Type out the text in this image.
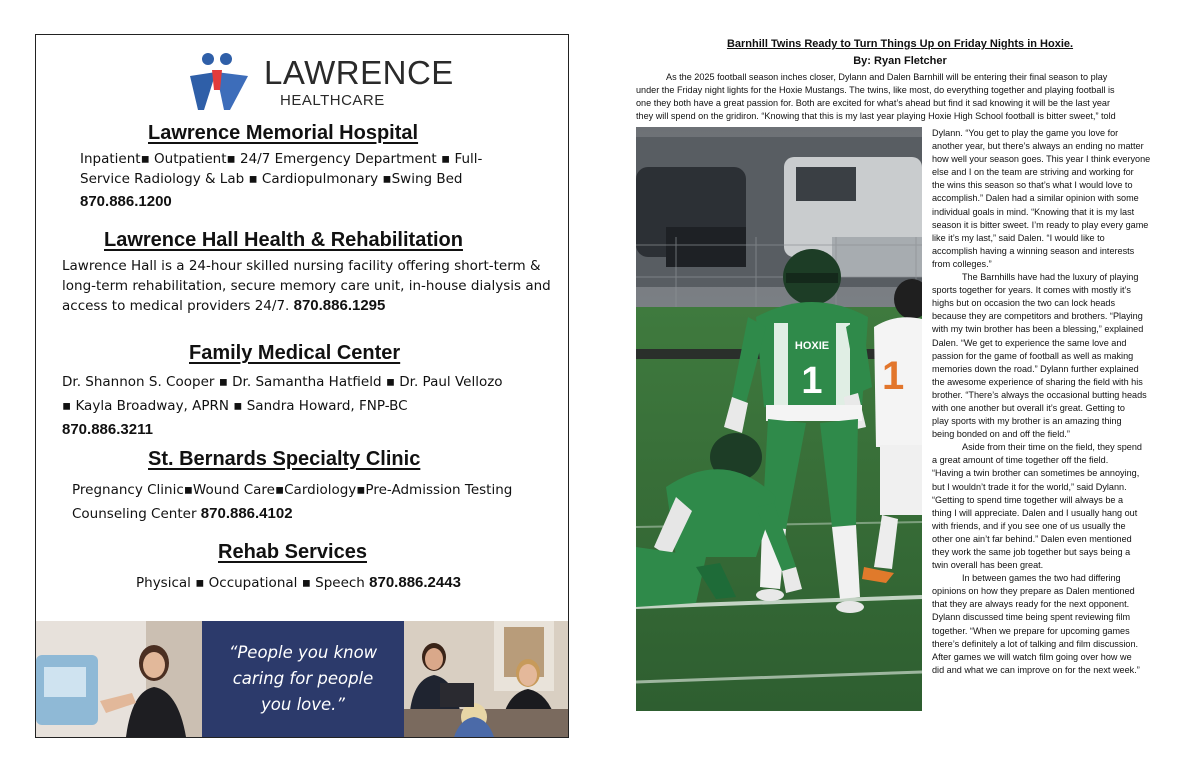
LAWRENCE
HEALTHCARE
Lawrence Memorial Hospital
Inpatient▪ Outpatient▪ 24/7 Emergency Department ▪ Full-
Service Radiology & Lab ▪ Cardiopulmonary ▪Swing Bed
870.886.1200
Lawrence Hall Health & Rehabilitation
Lawrence Hall is a 24-hour skilled nursing facility offering short-term &
long-term rehabilitation, secure memory care unit, in-house dialysis and
access to medical providers 24/7. 870.886.1295
Family Medical Center
Dr. Shannon S. Cooper ▪ Dr. Samantha Hatfield ▪ Dr. Paul Vellozo
▪ Kayla Broadway, APRN ▪ Sandra Howard, FNP-BC
870.886.3211
St. Bernards Specialty Clinic
Pregnancy Clinic▪Wound Care▪Cardiology▪Pre-Admission Testing
Counseling Center 870.886.4102
Rehab Services
Physical ▪ Occupational ▪ Speech 870.886.2443
“People you know
caring for people
you love.”
Barnhill Twins Ready to Turn Things Up on Friday Nights in Hoxie.
By: Ryan Fletcher
As the 2025 football season inches closer, Dylann and Dalen Barnhill will be entering their final season to play
under the Friday night lights for the Hoxie Mustangs. The twins, like most, do everything together and playing football is
one they both have a great passion for. Both are excited for what’s ahead but find it sad knowing it will be the last year
they will spend on the gridiron. “Knowing that this is my last year playing Hoxie High School football is bitter sweet,” told
1
HOXIE
1
Dylann. “You get to play the game you love for
another year, but there’s always an ending no matter
how well your season goes. This year I think everyone
else and I on the team are striving and working for
the wins this season so that’s what I would love to
accomplish.” Dalen had a similar opinion with some
individual goals in mind. “Knowing that it is my last
season it is bitter sweet. I’m ready to play every game
like it’s my last,” said Dalen. “I would like to
accomplish having a winning season and interests
from colleges.”
The Barnhills have had the luxury of playing
sports together for years. It comes with mostly it’s
highs but on occasion the two can lock heads
because they are competitors and brothers. “Playing
with my twin brother has been a blessing,” explained
Dalen. “We get to experience the same love and
passion for the game of football as well as making
memories down the road.” Dylann further explained
the awesome experience of sharing the field with his
brother. “There’s always the occasional butting heads
with one another but overall it’s great. Getting to
play sports with my brother is an amazing thing
being bonded on and off the field.”
Aside from their time on the field, they spend
a great amount of time together off the field.
“Having a twin brother can sometimes be annoying,
but I wouldn’t trade it for the world,” said Dylann.
“Getting to spend time together will always be a
thing I will appreciate. Dalen and I usually hang out
with friends, and if you see one of us usually the
other one ain’t far behind.” Dalen even mentioned
they work the same job together but says being a
twin overall has been great.
In between games the two had differing
opinions on how they prepare as Dalen mentioned
that they are always ready for the next opponent.
Dylann discussed time being spent reviewing film
together. “When we prepare for upcoming games
there’s definitely a lot of talking and film discussion.
After games we will watch film going over how we
did and what we can improve on for the next week.”
